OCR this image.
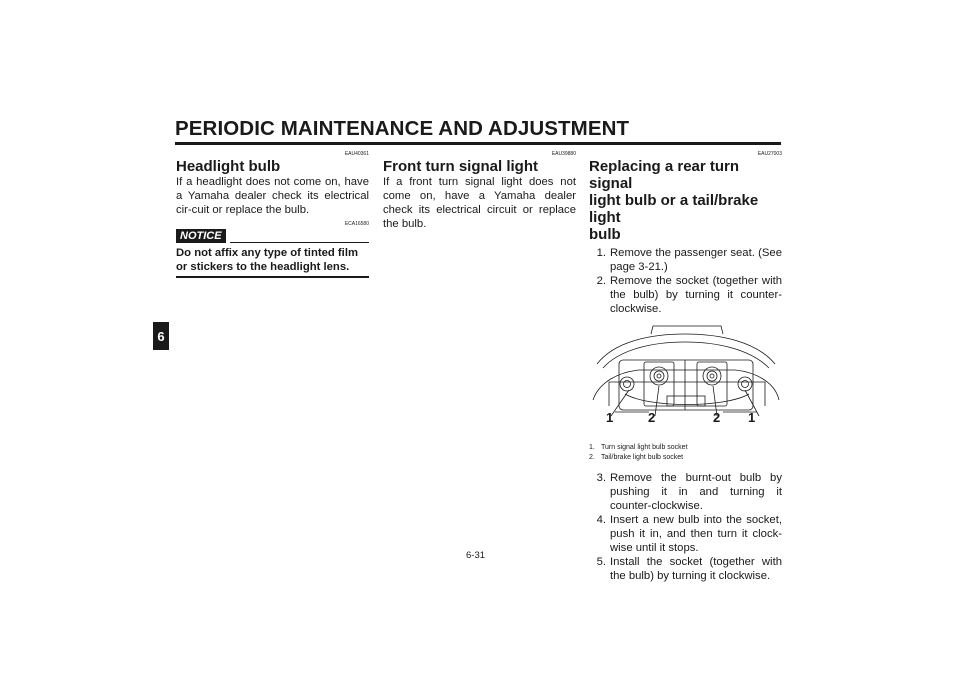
PERIODIC MAINTENANCE AND ADJUSTMENT
6
EAU40361
Headlight bulb

If a headlight does not come on, have a Yamaha dealer check its electrical cir-cuit or replace the bulb.

ECA16580
NOTICE

Do not affix any type of tinted film or stickers to the headlight lens.

EAU39880
Front turn signal light

If a front turn signal light does not come on, have a Yamaha dealer check its electrical circuit or replace the bulb.

EAU27003
Replacing a rear turn signal
light bulb or a tail/brake light
bulb
1. Remove the passenger seat. (See page 3-21.)
2. Remove the socket (together with the bulb) by turning it counter-clockwise.
1	2	2 1

1. Turn signal light bulb socket

2. Tail/brake light bulb socket

3. Remove the burnt-out bulb by pushing it in and turning it counter-clockwise.
4. Insert a new bulb into the socket, push it in, and then turn it clock-wise until it stops.
5. Install the socket (together with the bulb) by turning it clockwise.
6-31
